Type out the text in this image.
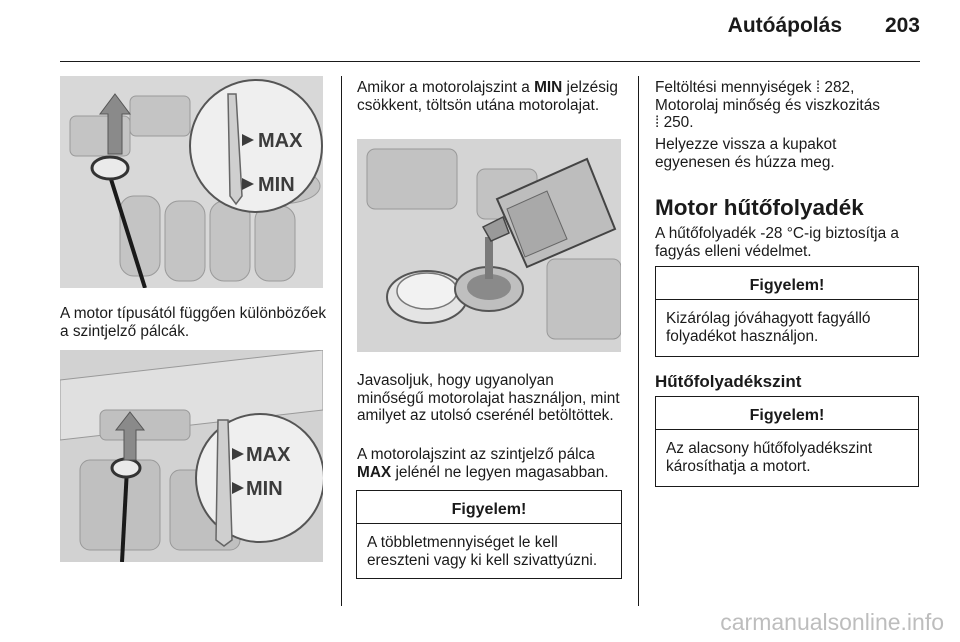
Autóápolás 203
MAX
MIN

A motor típusától függően különbözőek a szintjelző pálcák.

MAX
MIN

Amikor a motorolajszint a MIN jelzésig csökkent, töltsön utána motorolajat.

Javasoljuk, hogy ugyanolyan minőségű motorolajat használjon, mint amilyet az utolsó cserénél betöltöttek.

A motorolajszint az szintjelző pálca MAX jelénél ne legyen magasabban.

Figyelem!
A többletmennyiséget le kell ereszteni vagy ki kell szivattyúzni.

Feltöltési mennyiségek ⁞ 282,
Motorolaj minőség és viszkozitás
⁞ 250.

Helyezze vissza a kupakot egyenesen és húzza meg.

Motor hűtőfolyadék

A hűtőfolyadék -28 °C-ig biztosítja a fagyás elleni védelmet.

Figyelem!
Kizárólag jóváhagyott fagyálló folyadékot használjon.
Hűtőfolyadékszint
Figyelem!
Az alacsony hűtőfolyadékszint károsíthatja a motort.
carmanualsonline.info
